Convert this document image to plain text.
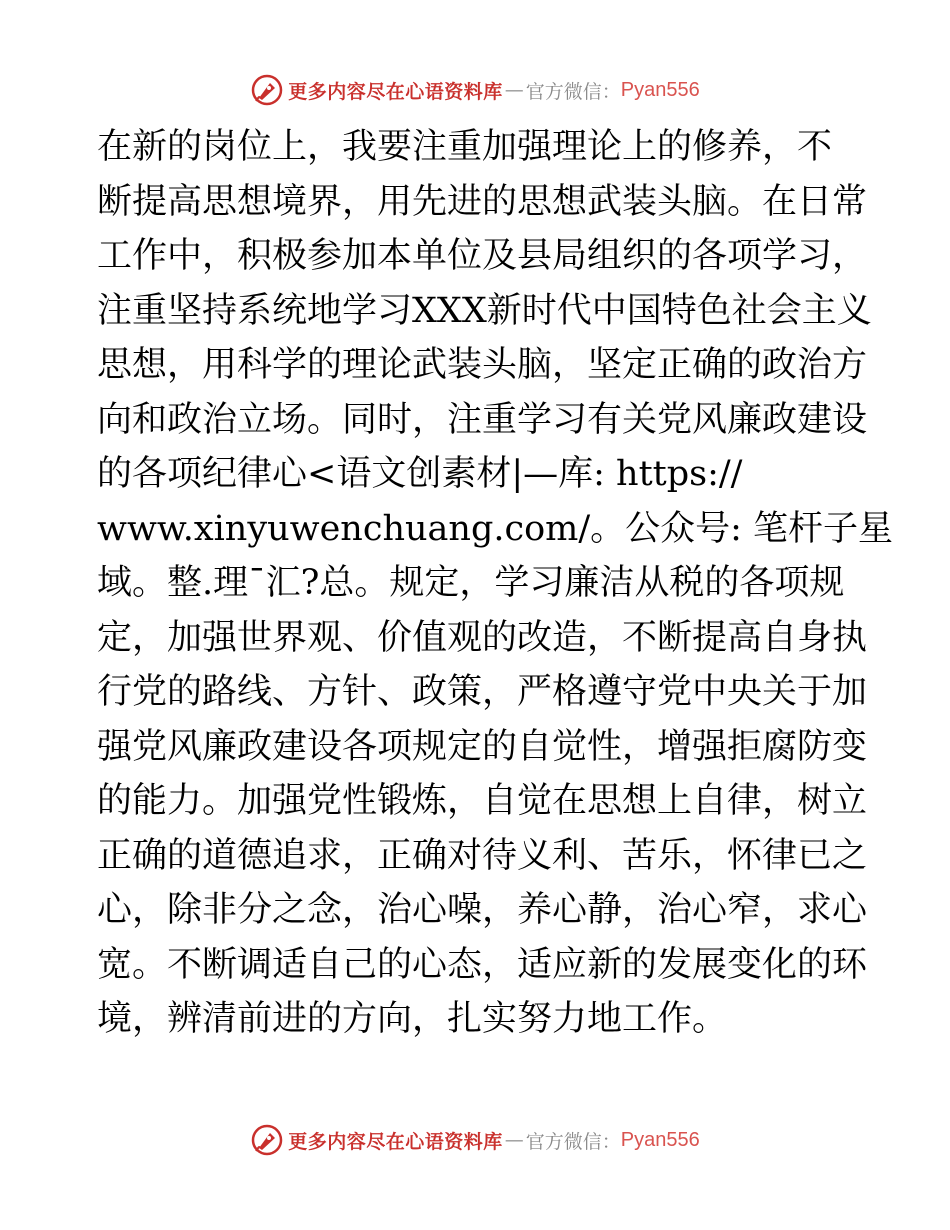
更多内容尽在心语资料库 — 官方微信： Pyan556
在新的岗位上，我要注重加强理论上的修养，不
断提高思想境界，用先进的思想武装头脑。在日常
工作中，积极参加本单位及县局组织的各项学习，
注重坚持系统地学习XXX新时代中国特色社会主义
思想，用科学的理论武装头脑，坚定正确的政治方
向和政治立场。同时，注重学习有关党风廉政建设
的各项纪律心<语文创素材|—库: https://
www.xinyuwenchuang.com/。公众号: 笔杆子星
域。整.理¯汇?总。规定，学习廉洁从税的各项规
定，加强世界观、价值观的改造，不断提高自身执
行党的路线、方针、政策，严格遵守党中央关于加
强党风廉政建设各项规定的自觉性，增强拒腐防变
的能力。加强党性锻炼，自觉在思想上自律，树立
正确的道德追求，正确对待义利、苦乐，怀律已之
心，除非分之念，治心噪，养心静，治心窄，求心
宽。不断调适自己的心态，适应新的发展变化的环
境，辨清前进的方向，扎实努力地工作。
更多内容尽在心语资料库 — 官方微信： Pyan556
